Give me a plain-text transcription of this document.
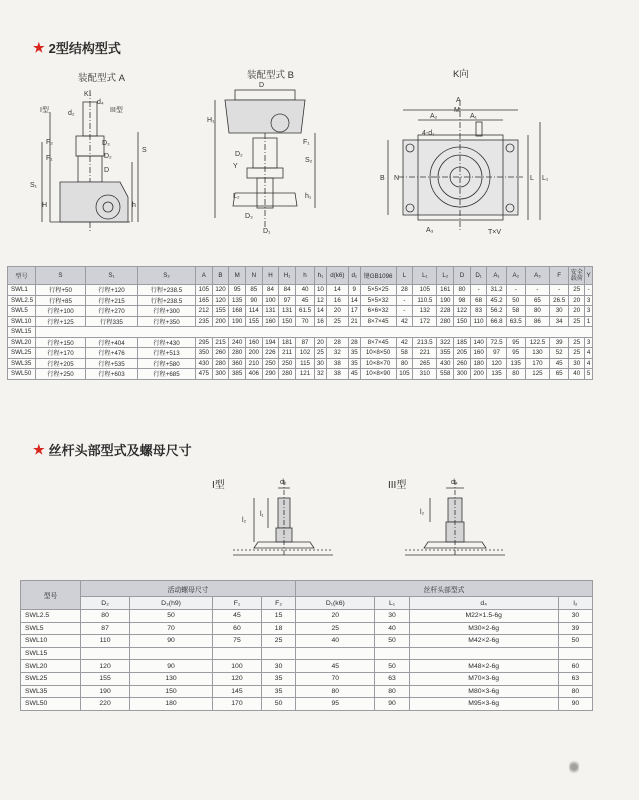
★ 2型结构型式
装配型式 A	装配型式 B	K向
K↓
I型	d₂	III型
d₄
D₃
D₂
D
S₁
H
S
h
F₂
F₁
D
H₁
D₂
Y
F₁
S₂
L₂
D₃
D₁
h₁
A
M
A₂	A₁
4-d₁
B N	L L₁
A₃	T×V
型号	S	S₁	S₂	A	B	M	N	H	H₁	h	h₁	d(k6)	d₁	键GB1096	L	L₁	L₂	D	D₁	A₁	A₂	A₃	F	安全载荷	Y
SWL1	行程+50	行程+120	行程+238.5	105	120	95	85	84	84	40	10	14	9	5×5×25	28	105	161	80	-	31.2	-	-	-	25	-
SWL2.5	行程+85	行程+215	行程+238.5	165	120	135	90	100	97	45	12	16	14	5×5×32	-	110.5	190	98	68	45.2	50	65	26.5	20	3
SWL5	行程+100	行程+270	行程+300	212	155	168	114	131	131	61.5	14	20	17	6×6×32	-	132	228	122	83	56.2	58	80	30	20	3
SWL10	行程+125	行程335	行程+350	235	200	190	155	160	150	70	16	25	21	8×7×45	42	172	280	150	110	66.8	63.5	86	34	25	1
SWL15																									
SWL20	行程+150	行程+404	行程+430	295	215	240	160	194	181	87	20	28	28	8×7×45	42	213.5	322	185	140	72.5	95	122.5	39	25	3
SWL25	行程+170	行程+476	行程+513	350	260	280	200	226	211	102	25	32	35	10×8×50	58	221	355	205	160	97	95	130	52	25	4
SWL35	行程+205	行程+535	行程+580	430	280	360	210	250	250	115	30	38	35	10×8×70	80	265	430	260	180	120	135	170	45	30	4
SWL50	行程+250	行程+603	行程+685	475	300	385	406	290	280	121	32	38	45	10×8×90	105	310	558	300	200	135	80	125	65	40	5
★ 丝杆头部型式及螺母尺寸
I型	III型
d₂
l₁
l₂
d₄
l₂
型号	活动螺母尺寸				丝杆头部型式			
	D₂	D₃(h9)	F₁	F₂	D₁(k6)	L₁	d₄	l₂
SWL2.5	80	50	45	15	20	30	M22×1.5-6g	30
SWL5	87	70	60	18	25	40	M30×2-6g	39
SWL10	110	90	75	25	40	50	M42×2-6g	50
SWL15								
SWL20	120	90	100	30	45	50	M48×2-6g	60
SWL25	155	130	120	35	70	63	M70×3-6g	63
SWL35	190	150	145	35	80	80	M80×3-6g	80
SWL50	220	180	170	50	95	90	M95×3-6g	90
